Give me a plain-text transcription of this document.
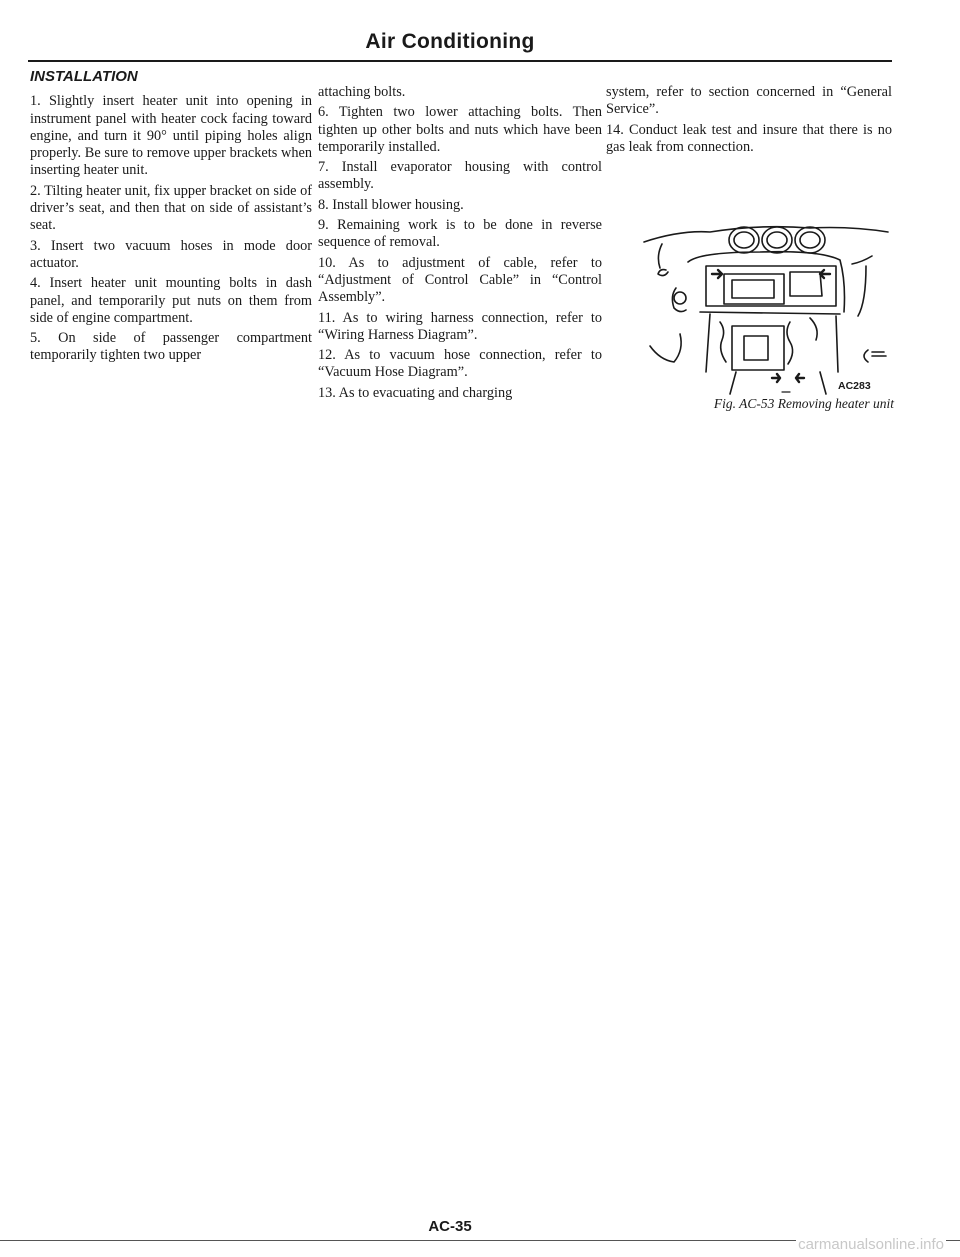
Air Conditioning
INSTALLATION

1. Slightly insert heater unit into opening in instrument panel with heater cock facing toward engine, and turn it 90° until piping holes align properly. Be sure to remove upper brackets when inserting heater unit.

2. Tilting heater unit, fix upper bracket on side of driver’s seat, and then that on side of assistant’s seat.

3. Insert two vacuum hoses in mode door actuator.

4. Insert heater unit mounting bolts in dash panel, and temporarily put nuts on them from side of engine compartment.

5. On side of passenger compartment temporarily tighten two upper

attaching bolts.

6. Tighten two lower attaching bolts. Then tighten up other bolts and nuts which have been temporarily installed.

7. Install evaporator housing with control assembly.

8. Install blower housing.

9. Remaining work is to be done in reverse sequence of removal.

10. As to adjustment of cable, refer to “Adjustment of Control Cable” in “Control Assembly”.

11. As to wiring harness connection, refer to “Wiring Harness Diagram”.

12. As to vacuum hose connection, refer to “Vacuum Hose Diagram”.

13. As to evacuating and charging

system, refer to section concerned in “General Service”.

14. Conduct leak test and insure that there is no gas leak from connection.

AC283
Fig. AC-53 Removing heater unit
AC-35
carmanualsonline.info
